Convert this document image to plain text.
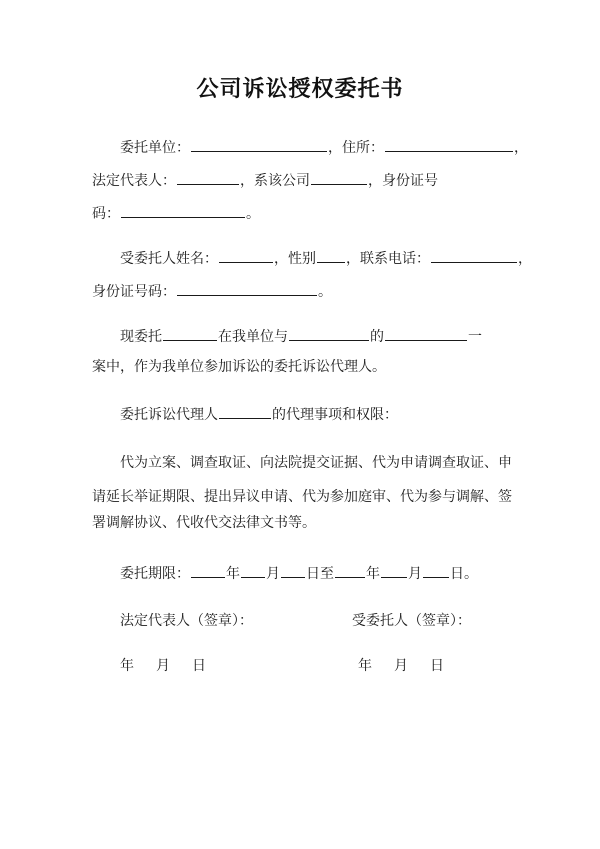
公司诉讼授权委托书
委托单位：	，住所：	，
法定代表人：	，系该公司	，身份证号
码：	。
受委托人姓名：	，性别 ，联系电话：	，
身份证号码：	。
现委托	在我单位与	的	一
案中，作为我单位参加诉讼的委托诉讼代理人。
委托诉讼代理人	的代理事项和权限：
代为立案、调查取证、向法院提交证据、代为申请调查取证、申
请延长举证期限、提出异议申请、代为参加庭审、代为参与调解、签
署调解协议、代收代交法律文书等。
委托期限：	年 月 日至 年 月 日。
法定代表人（签章）：	受委托人（签章）：
年 月 日	年 月 日
